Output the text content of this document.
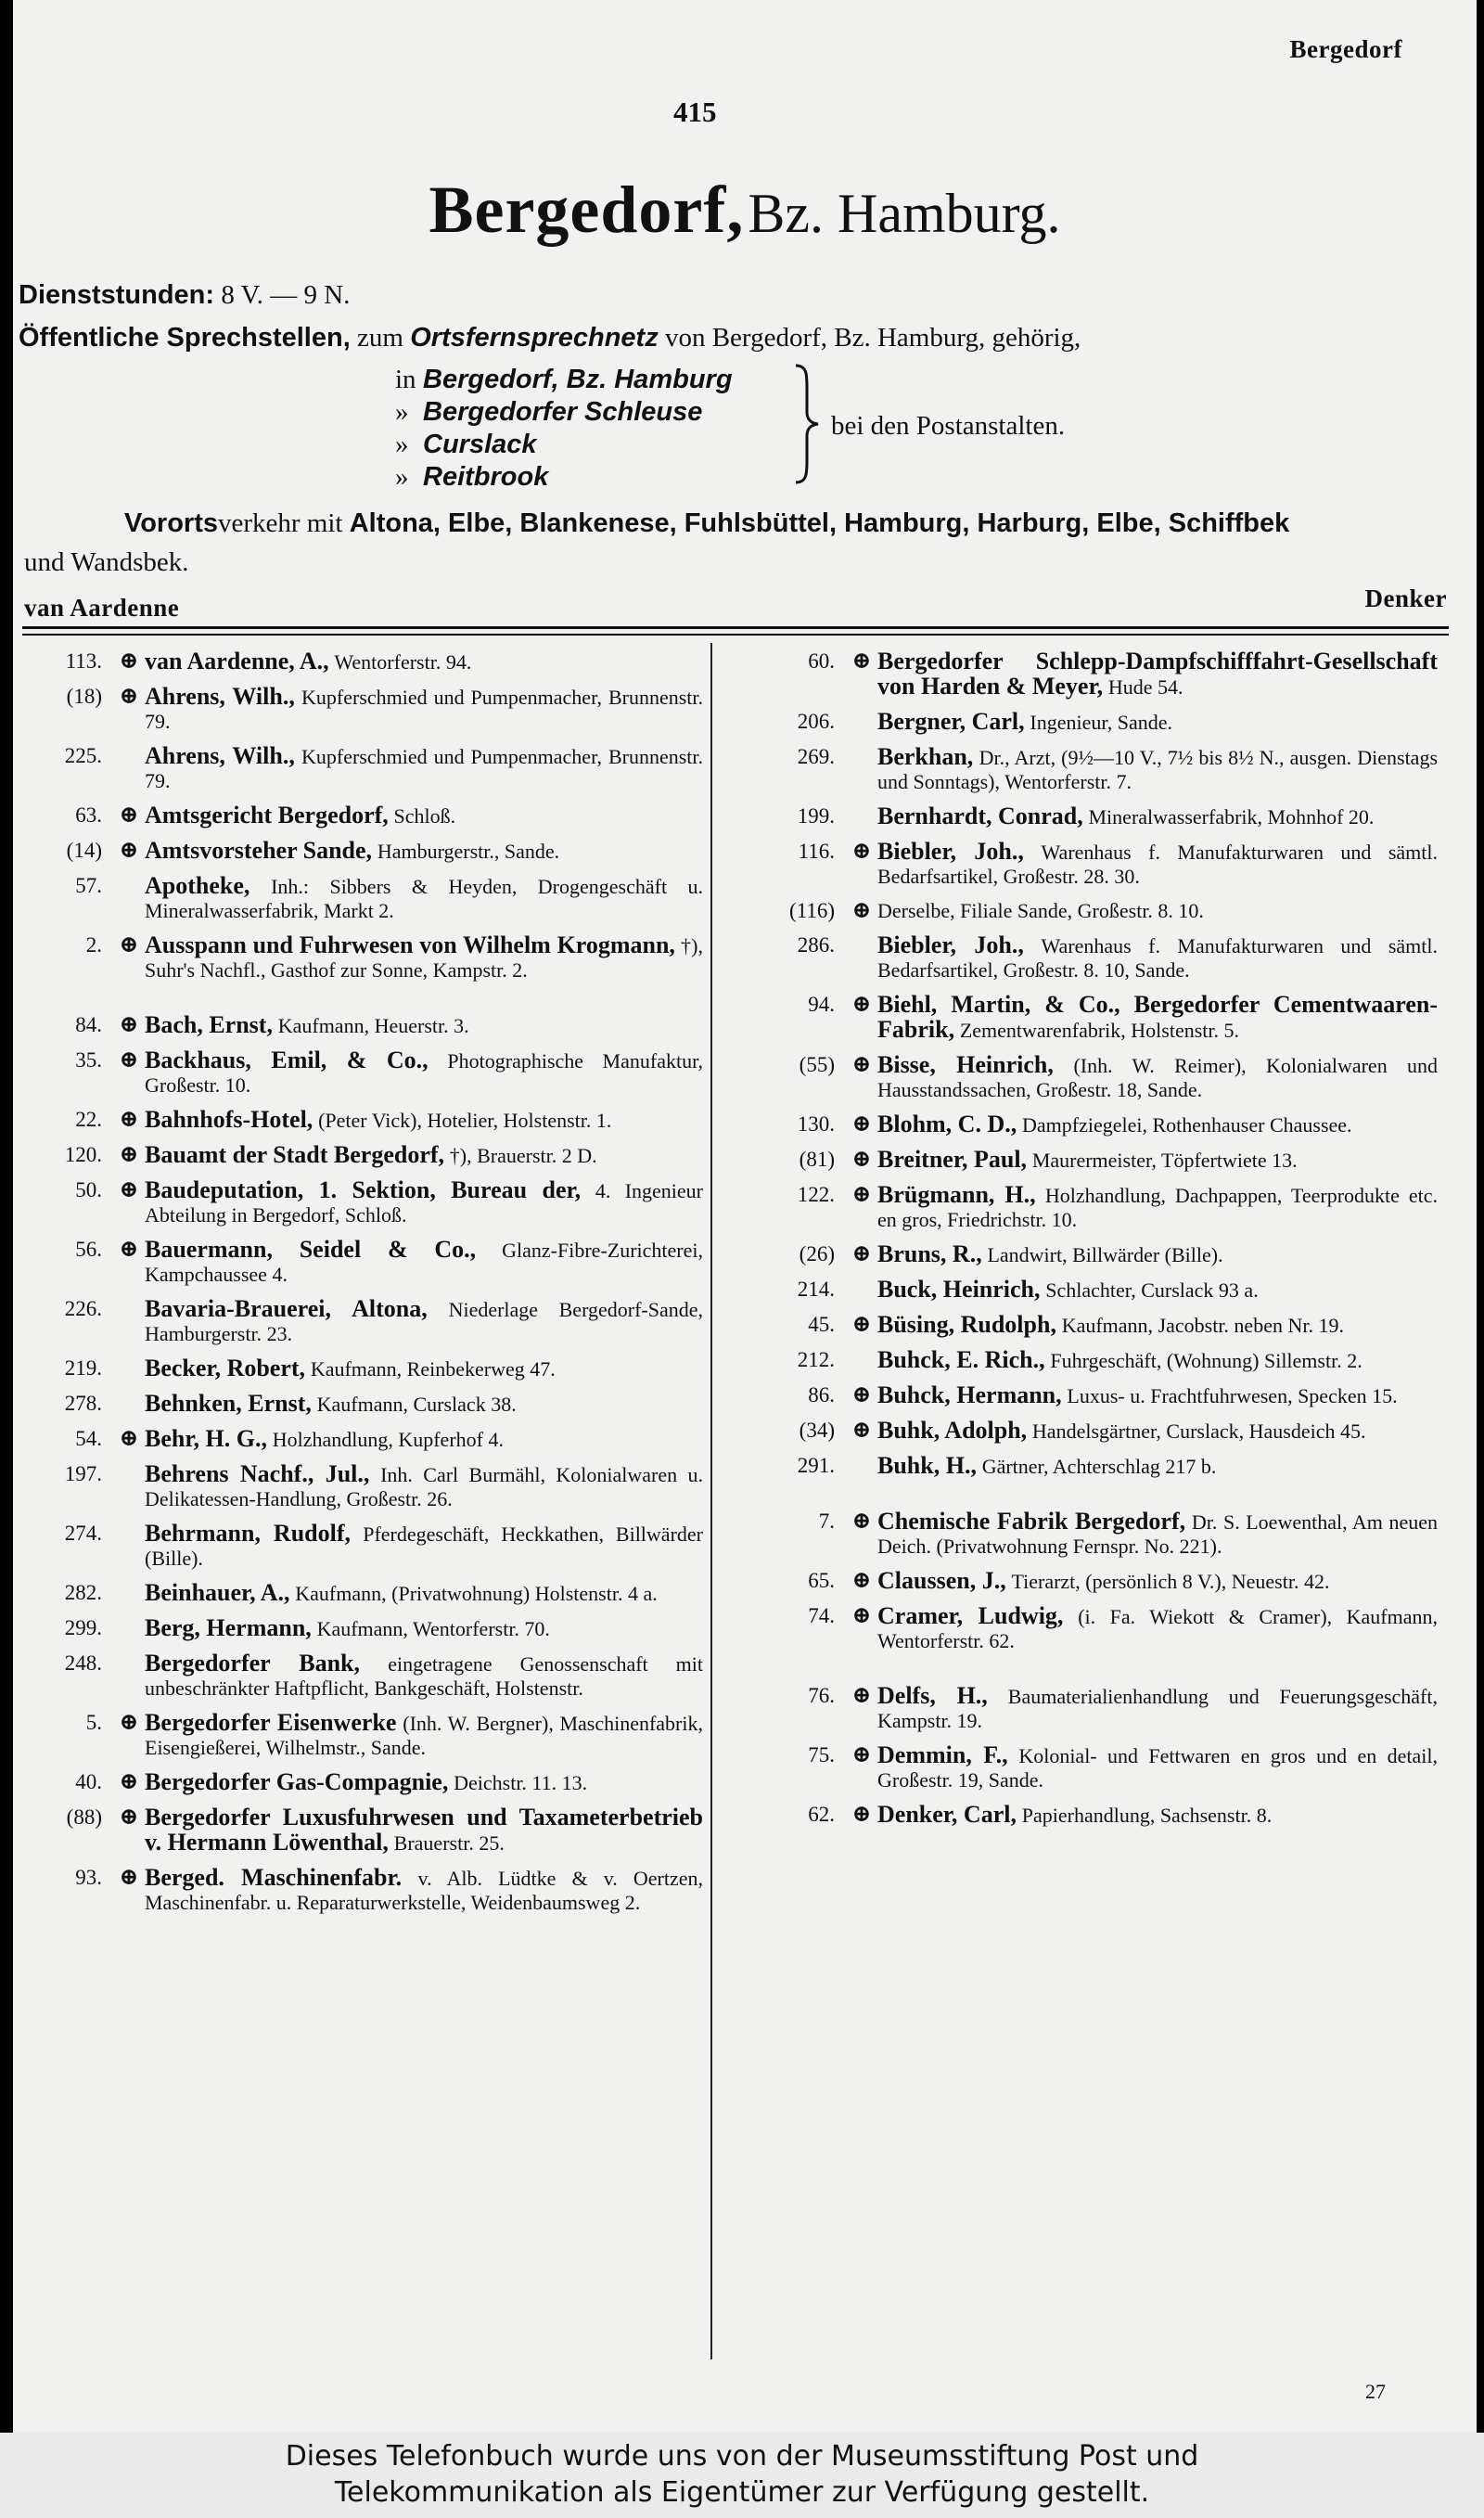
Bergedorf
415
Bergedorf, Bz. Hamburg.
Dienststunden: 8 V. — 9 N.
Öffentliche Sprechstellen, zum Ortsfernsprechnetz von Bergedorf, Bz. Hamburg, gehörig,
in Bergedorf, Bz. Hamburg
» Bergedorfer Schleuse
» Curslack
» Reitbrook
bei den Postanstalten.
Vorortsverkehr mit Altona, Elbe, Blankenese, Fuhlsbüttel, Hamburg, Harburg, Elbe, Schiffbek
und Wandsbek.
van Aardenne	Denker
113. ⊕ van Aardenne, A., Wentorferstr. 94.
(18) ⊕ Ahrens, Wilh., Kupferschmied und Pumpenmacher, Brunnenstr. 79.
225.	Ahrens, Wilh., Kupferschmied und Pumpenmacher, Brunnenstr. 79.
63. ⊕ Amtsgericht Bergedorf, Schloß.
(14) ⊕ Amtsvorsteher Sande, Hamburgerstr., Sande.
57.	Apotheke, Inh.: Sibbers & Heyden, Drogengeschäft u. Mineralwasserfabrik, Markt 2.
2. ⊕ Ausspann und Fuhrwesen von Wilhelm Krogmann, †), Suhr's Nachfl., Gasthof zur Sonne, Kampstr. 2.
84. ⊕ Bach, Ernst, Kaufmann, Heuerstr. 3.
35. ⊕ Backhaus, Emil, & Co., Photographische Manufaktur, Großestr. 10.
22. ⊕ Bahnhofs-Hotel, (Peter Vick), Hotelier, Holstenstr. 1.
120. ⊕ Bauamt der Stadt Bergedorf, †), Brauerstr. 2 D.
50. ⊕ Baudeputation, 1. Sektion, Bureau der, 4. Ingenieur Abteilung in Bergedorf, Schloß.
56. ⊕ Bauermann, Seidel & Co., Glanz-Fibre-Zurichterei, Kampchaussee 4.
226.	Bavaria-Brauerei, Altona, Niederlage Bergedorf-Sande, Hamburgerstr. 23.
219.	Becker, Robert, Kaufmann, Reinbekerweg 47.
278.	Behnken, Ernst, Kaufmann, Curslack 38.
54. ⊕ Behr, H. G., Holzhandlung, Kupferhof 4.
197.	Behrens Nachf., Jul., Inh. Carl Burmähl, Kolonialwaren u. Delikatessen-Handlung, Großestr. 26.
274.	Behrmann, Rudolf, Pferdegeschäft, Heckkathen, Billwärder (Bille).
282.	Beinhauer, A., Kaufmann, (Privatwohnung) Holstenstr. 4 a.
299.	Berg, Hermann, Kaufmann, Wentorferstr. 70.
248.	Bergedorfer Bank, eingetragene Genossenschaft mit unbeschränkter Haftpflicht, Bankgeschäft, Holstenstr.
5. ⊕ Bergedorfer Eisenwerke (Inh. W. Bergner), Maschinenfabrik, Eisengießerei, Wilhelmstr., Sande.
40. ⊕ Bergedorfer Gas-Compagnie, Deichstr. 11. 13.
(88) ⊕ Bergedorfer Luxusfuhrwesen und Taxameterbetrieb v. Hermann Löwenthal, Brauerstr. 25.
93. ⊕ Berged. Maschinenfabr. v. Alb. Lüdtke & v. Oertzen, Maschinenfabr. u. Reparaturwerkstelle, Weidenbaumsweg 2.
60. ⊕ Bergedorfer Schlepp-Dampfschifffahrt-Gesellschaft von Harden & Meyer, Hude 54.
206.	Bergner, Carl, Ingenieur, Sande.
269.	Berkhan, Dr., Arzt, (9½—10 V., 7½ bis 8½ N., ausgen. Dienstags und Sonntags), Wentorferstr. 7.
199.	Bernhardt, Conrad, Mineralwasserfabrik, Mohnhof 20.
116. ⊕ Biebler, Joh., Warenhaus f. Manufakturwaren und sämtl. Bedarfsartikel, Großestr. 28. 30.
(116) ⊕ Derselbe, Filiale Sande, Großestr. 8. 10.
286.	Biebler, Joh., Warenhaus f. Manufakturwaren und sämtl. Bedarfsartikel, Großestr. 8. 10, Sande.
94. ⊕ Biehl, Martin, & Co., Bergedorfer Cementwaaren-Fabrik, Zementwarenfabrik, Holstenstr. 5.
(55) ⊕ Bisse, Heinrich, (Inh. W. Reimer), Kolonialwaren und Hausstandssachen, Großestr. 18, Sande.
130. ⊕ Blohm, C. D., Dampfziegelei, Rothenhauser Chaussee.
(81) ⊕ Breitner, Paul, Maurermeister, Töpfertwiete 13.
122. ⊕ Brügmann, H., Holzhandlung, Dachpappen, Teerprodukte etc. en gros, Friedrichstr. 10.
(26) ⊕ Bruns, R., Landwirt, Billwärder (Bille).
214.	Buck, Heinrich, Schlachter, Curslack 93 a.
45. ⊕ Büsing, Rudolph, Kaufmann, Jacobstr. neben Nr. 19.
212.	Buhck, E. Rich., Fuhrgeschäft, (Wohnung) Sillemstr. 2.
86. ⊕ Buhck, Hermann, Luxus- u. Frachtfuhrwesen, Specken 15.
(34) ⊕ Buhk, Adolph, Handelsgärtner, Curslack, Hausdeich 45.
291.	Buhk, H., Gärtner, Achterschlag 217 b.
7. ⊕ Chemische Fabrik Bergedorf, Dr. S. Loewenthal, Am neuen Deich. (Privatwohnung Fernspr. No. 221).
65. ⊕ Claussen, J., Tierarzt, (persönlich 8 V.), Neuestr. 42.
74. ⊕ Cramer, Ludwig, (i. Fa. Wiekott & Cramer), Kaufmann, Wentorferstr. 62.
76. ⊕ Delfs, H., Baumaterialienhandlung und Feuerungsgeschäft, Kampstr. 19.
75. ⊕ Demmin, F., Kolonial- und Fettwaren en gros und en detail, Großestr. 19, Sande.
62. ⊕ Denker, Carl, Papierhandlung, Sachsenstr. 8.
27
Dieses Telefonbuch wurde uns von der Museumsstiftung Post und
Telekommunikation als Eigentümer zur Verfügung gestellt.
